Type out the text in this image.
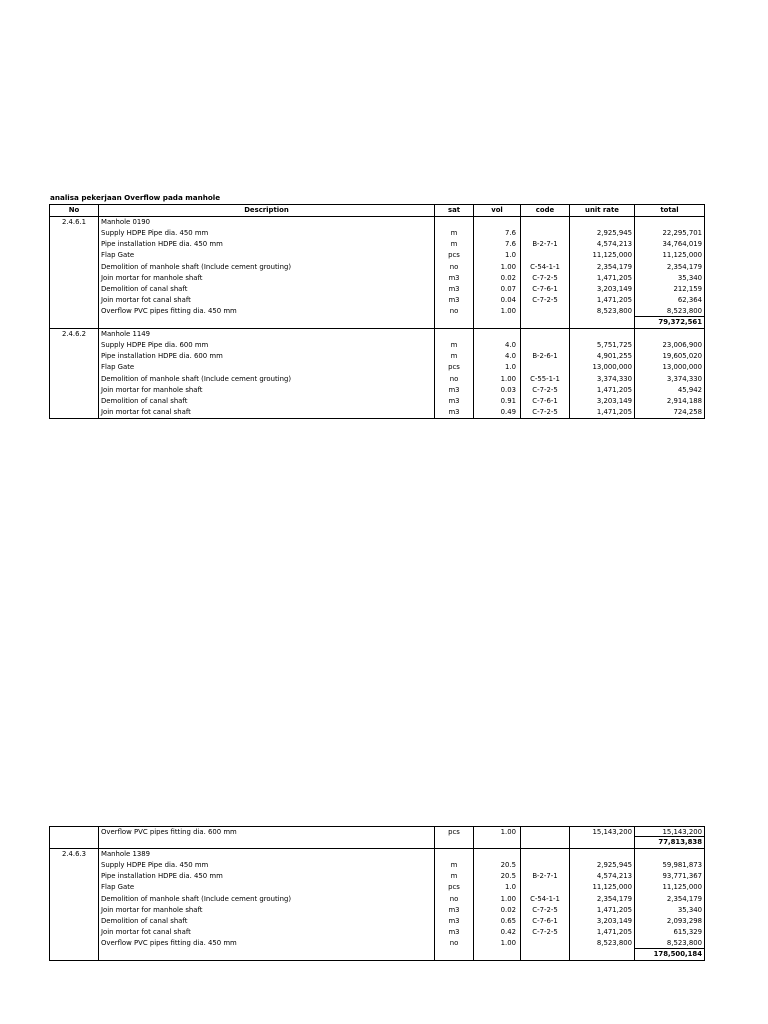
analisa pekerjaan Overflow pada manhole
No	Description	sat	vol	code	unit rate	total
2.4.6.1	Manhole 0190					
	Supply HDPE Pipe dia. 450 mm	m	7.6		2,925,945	22,295,701
	Pipe installation HDPE dia. 450 mm	m	7.6	B-2-7-1	4,574,213	34,764,019
	Flap Gate	pcs	1.0		11,125,000	11,125,000
	Demolition of manhole shaft (Include cement grouting)	no	1.00	C-54-1-1	2,354,179	2,354,179
	Join mortar for manhole shaft	m3	0.02	C-7-2-5	1,471,205	35,340
	Demolition of canal shaft	m3	0.07	C-7-6-1	3,203,149	212,159
	Join mortar fot canal shaft	m3	0.04	C-7-2-5	1,471,205	62,364
	Overflow PVC pipes fitting dia. 450 mm	no	1.00		8,523,800	8,523,800
						79,372,561
2.4.6.2	Manhole 1149					
	Supply HDPE Pipe dia. 600 mm	m	4.0		5,751,725	23,006,900
	Pipe installation HDPE dia. 600 mm	m	4.0	B-2-6-1	4,901,255	19,605,020
	Flap Gate	pcs	1.0		13,000,000	13,000,000
	Demolition of manhole shaft (Include cement grouting)	no	1.00	C-55-1-1	3,374,330	3,374,330
	Join mortar for manhole shaft	m3	0.03	C-7-2-5	1,471,205	45,942
	Demolition of canal shaft	m3	0.91	C-7-6-1	3,203,149	2,914,188
	Join mortar fot canal shaft	m3	0.49	C-7-2-5	1,471,205	724,258
	Overflow PVC pipes fitting dia. 600 mm	pcs	1.00		15,143,200	15,143,200
						77,813,838
2.4.6.3	Manhole 1389					
	Supply HDPE Pipe dia. 450 mm	m	20.5		2,925,945	59,981,873
	Pipe installation HDPE dia. 450 mm	m	20.5	B-2-7-1	4,574,213	93,771,367
	Flap Gate	pcs	1.0		11,125,000	11,125,000
	Demolition of manhole shaft (Include cement grouting)	no	1.00	C-54-1-1	2,354,179	2,354,179
	Join mortar for manhole shaft	m3	0.02	C-7-2-5	1,471,205	35,340
	Demolition of canal shaft	m3	0.65	C-7-6-1	3,203,149	2,093,298
	Join mortar fot canal shaft	m3	0.42	C-7-2-5	1,471,205	615,329
	Overflow PVC pipes fitting dia. 450 mm	no	1.00		8,523,800	8,523,800
						178,500,184
